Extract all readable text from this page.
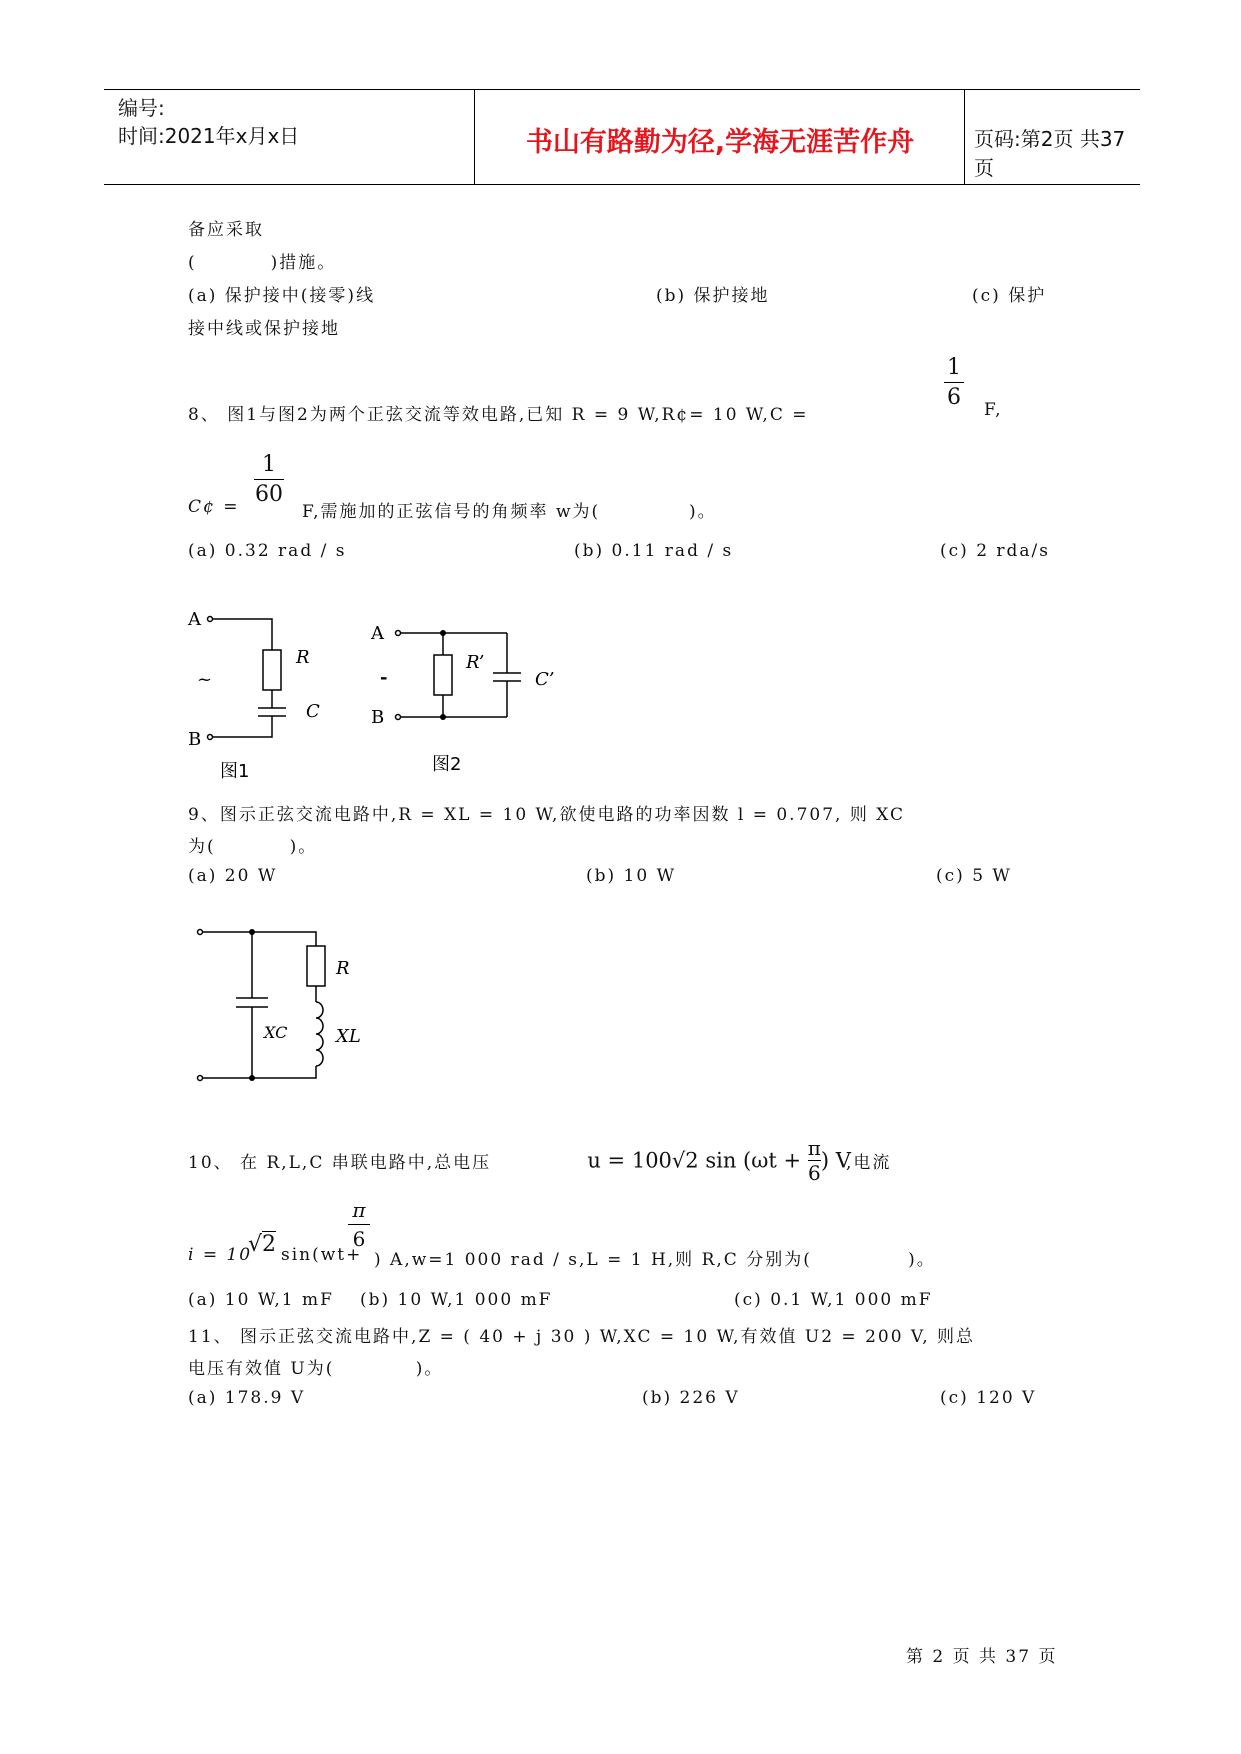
编号:
时间:2021年x月x日	书山有路勤为径,学海无涯苦作舟	页码:第2页 共37页
备应采取
(          )措施。
(a) 保护接中(接零)线	(b) 保护接地	(c) 保护
接中线或保护接地
8、 图1与图2为两个正弦交流等效电路,已知 R = 9 W,R¢= 10 W,C =
1
6 F,
C¢ =
1
60
F,需施加的正弦信号的角频率 w为(            )。
(a) 0.32 rad / s	(b) 0.11 rad / s	(c) 2 rda/s
A
B
~
R
C
图1
A
B
-
R’
C’
图2
9、图示正弦交流电路中,R = XL = 10 W,欲使电路的功率因数 l = 0.707, 则 XC
为(          )。
(a) 20 W	(b) 10 W	(c) 5 W
R
XC	XL
10、 在 R,L,C 串联电路中,总电压	u = 100√2 $\sin (\omega t + \frac{\pi}{6}$ ) V

,电流
i = 10
√2 sin(wt+
π
6
) A,w=1 000 rad / s,L = 1 H,则 R,C 分别为(             )。
(a) 10 W,1 mF (b) 10 W,1 000 mF	(c) 0.1 W,1 000 mF
11、 图示正弦交流电路中,Z = ( 40 + j 30 ) W,XC = 10 W,有效值 U2 = 200 V, 则总
电压有效值 U为(           )。
(a) 178.9 V	(b) 226 V	(c) 120 V
第 2 页 共 37 页
